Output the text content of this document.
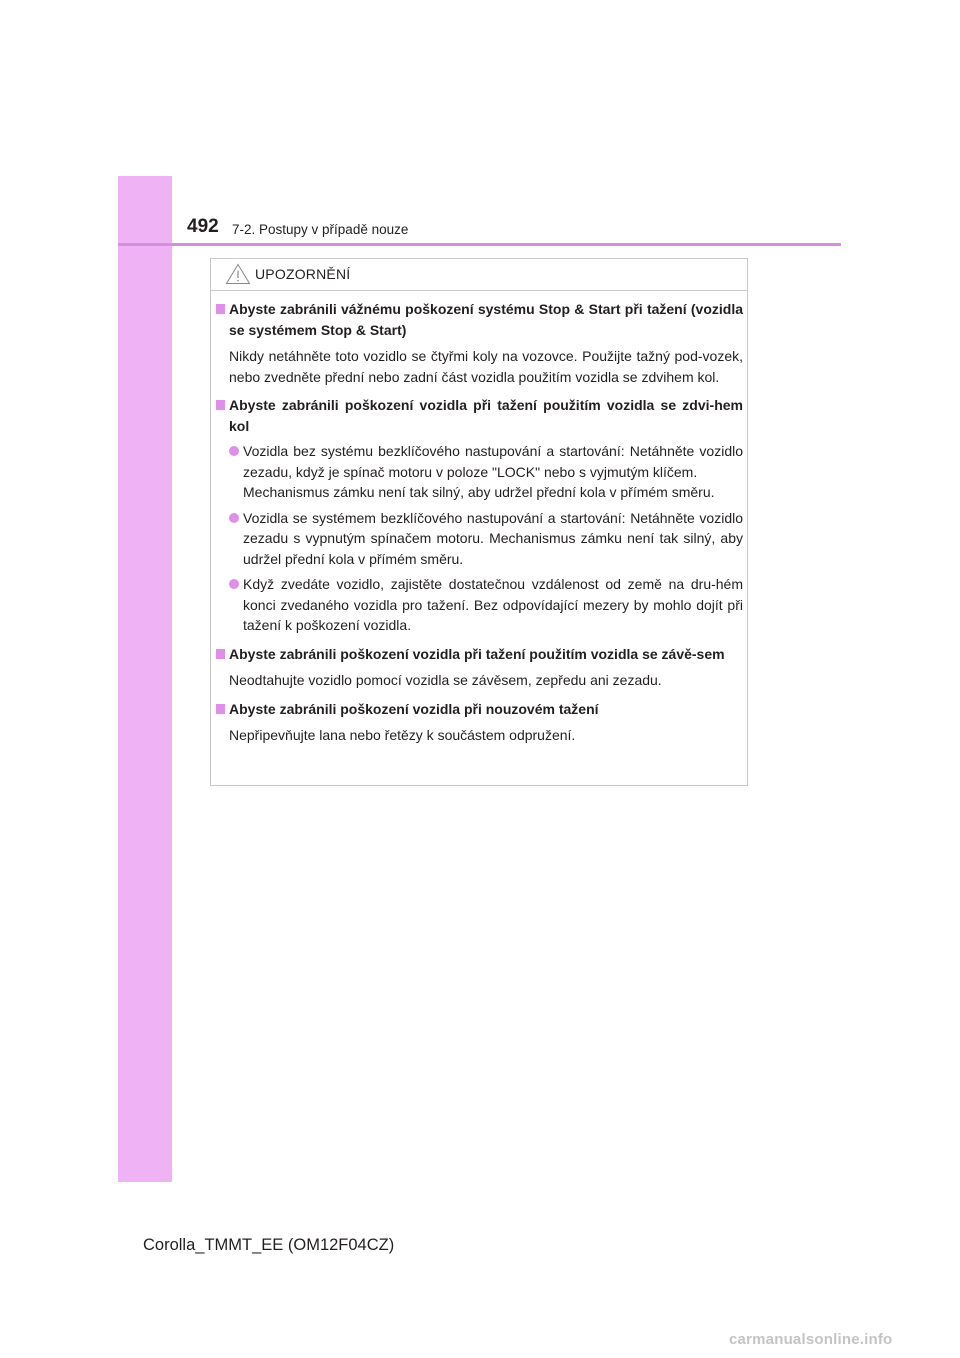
492 7-2. Postupy v případě nouze
UPOZORNĚNÍ
Abyste zabránili vážnému poškození systému Stop & Start při tažení (vozidla se systémem Stop & Start)
Nikdy netáhněte toto vozidlo se čtyřmi koly na vozovce. Použijte tažný pod-vozek, nebo zvedněte přední nebo zadní část vozidla použitím vozidla se zdvihem kol.
Abyste zabránili poškození vozidla při tažení použitím vozidla se zdvi-hem kol
Vozidla bez systému bezklíčového nastupování a startování: Netáhněte vozidlo zezadu, když je spínač motoru v poloze "LOCK" nebo s vyjmutým klíčem.
Mechanismus zámku není tak silný, aby udržel přední kola v přímém směru.
Vozidla se systémem bezklíčového nastupování a startování: Netáhněte vozidlo zezadu s vypnutým spínačem motoru. Mechanismus zámku není tak silný, aby udržel přední kola v přímém směru.
Když zvedáte vozidlo, zajistěte dostatečnou vzdálenost od země na dru-hém konci zvedaného vozidla pro tažení. Bez odpovídající mezery by mohlo dojít při tažení k poškození vozidla.
Abyste zabránili poškození vozidla při tažení použitím vozidla se závě-sem
Neodtahujte vozidlo pomocí vozidla se závěsem, zepředu ani zezadu.
Abyste zabránili poškození vozidla při nouzovém tažení
Nepřipevňujte lana nebo řetězy k součástem odpružení.
Corolla_TMMT_EE (OM12F04CZ)
carmanualsonline.info
